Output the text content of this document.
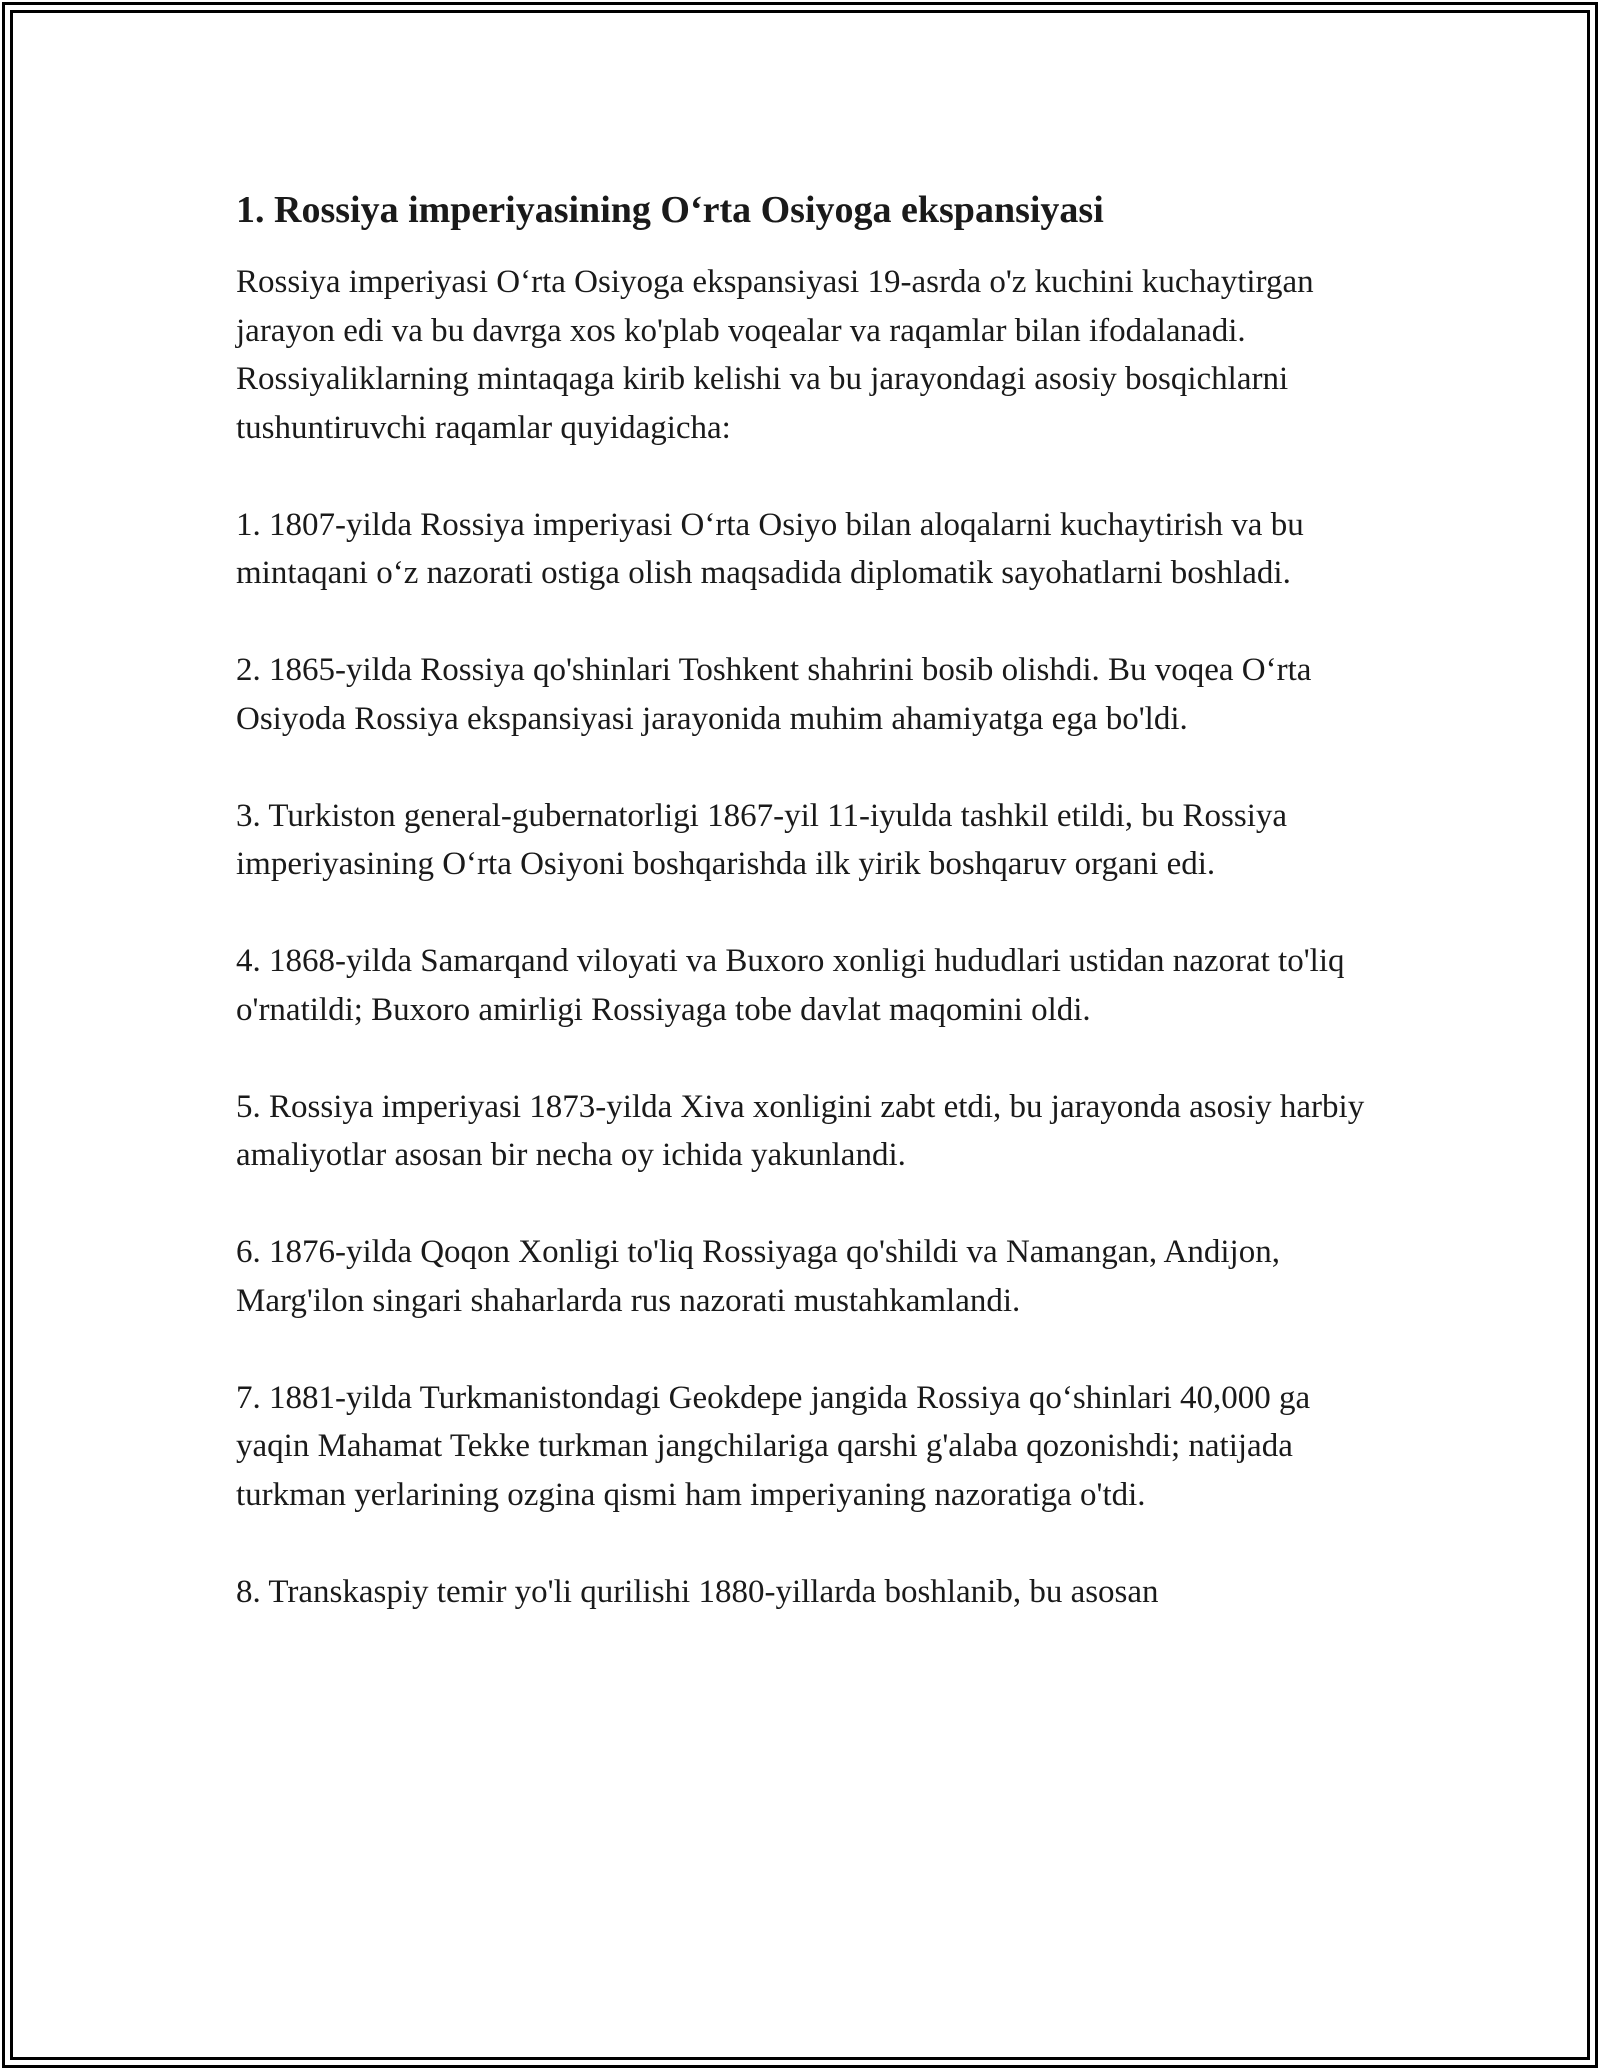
1. Rossiya imperiyasining O‘rta Osiyoga ekspansiyasi

Rossiya imperiyasi O‘rta Osiyoga ekspansiyasi 19-asrda o'z kuchini kuchaytirgan jarayon edi va bu davrga xos ko'plab voqealar va raqamlar bilan ifodalanadi. Rossiyaliklarning mintaqaga kirib kelishi va bu jarayondagi asosiy bosqichlarni tushuntiruvchi raqamlar quyidagicha:

1. 1807-yilda Rossiya imperiyasi O‘rta Osiyo bilan aloqalarni kuchaytirish va bu mintaqani o‘z nazorati ostiga olish maqsadida diplomatik sayohatlarni boshladi.

2. 1865-yilda Rossiya qo'shinlari Toshkent shahrini bosib olishdi. Bu voqea O‘rta Osiyoda Rossiya ekspansiyasi jarayonida muhim ahamiyatga ega bo'ldi.

3. Turkiston general-gubernatorligi 1867-yil 11-iyulda tashkil etildi, bu Rossiya imperiyasining O‘rta Osiyoni boshqarishda ilk yirik boshqaruv organi edi.

4. 1868-yilda Samarqand viloyati va Buxoro xonligi hududlari ustidan nazorat to'liq o'rnatildi; Buxoro amirligi Rossiyaga tobe davlat maqomini oldi.

5. Rossiya imperiyasi 1873-yilda Xiva xonligini zabt etdi, bu jarayonda asosiy harbiy amaliyotlar asosan bir necha oy ichida yakunlandi.

6. 1876-yilda Qoqon Xonligi to'liq Rossiyaga qo'shildi va Namangan, Andijon, Marg'ilon singari shaharlarda rus nazorati mustahkamlandi.

7. 1881-yilda Turkmanistondagi Geokdepe jangida Rossiya qo‘shinlari 40,000 ga yaqin Mahamat Tekke turkman jangchilariga qarshi g'alaba qozonishdi; natijada turkman yerlarining ozgina qismi ham imperiyaning nazoratiga o'tdi.

8. Transkaspiy temir yo'li qurilishi 1880-yillarda boshlanib, bu asosan
